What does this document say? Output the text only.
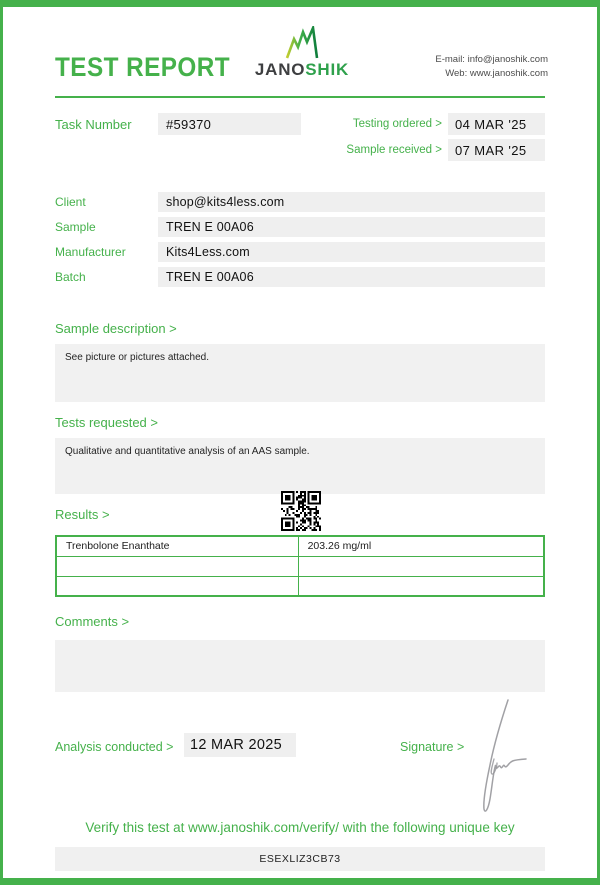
TEST REPORT JANOSHIK
E-mail: info@janoshik.com
Web: www.janoshik.com
Task Number	#59370	Testing ordered >	04 MAR '25
Sample received >	07 MAR '25
Client	shop@kits4less.com
Sample	TREN E 00A06
Manufacturer	Kits4Less.com
Batch	TREN E 00A06
Sample description >
See picture or pictures attached.
Tests requested >
Qualitative and quantitative analysis of an AAS sample.
Results >
Trenbolone Enanthate	203.26 mg/ml

Comments >
Analysis conducted >	12 MAR 2025	Signature >
Verify this test at www.janoshik.com/verify/ with the following unique key
ESEXLIZ3CB73
